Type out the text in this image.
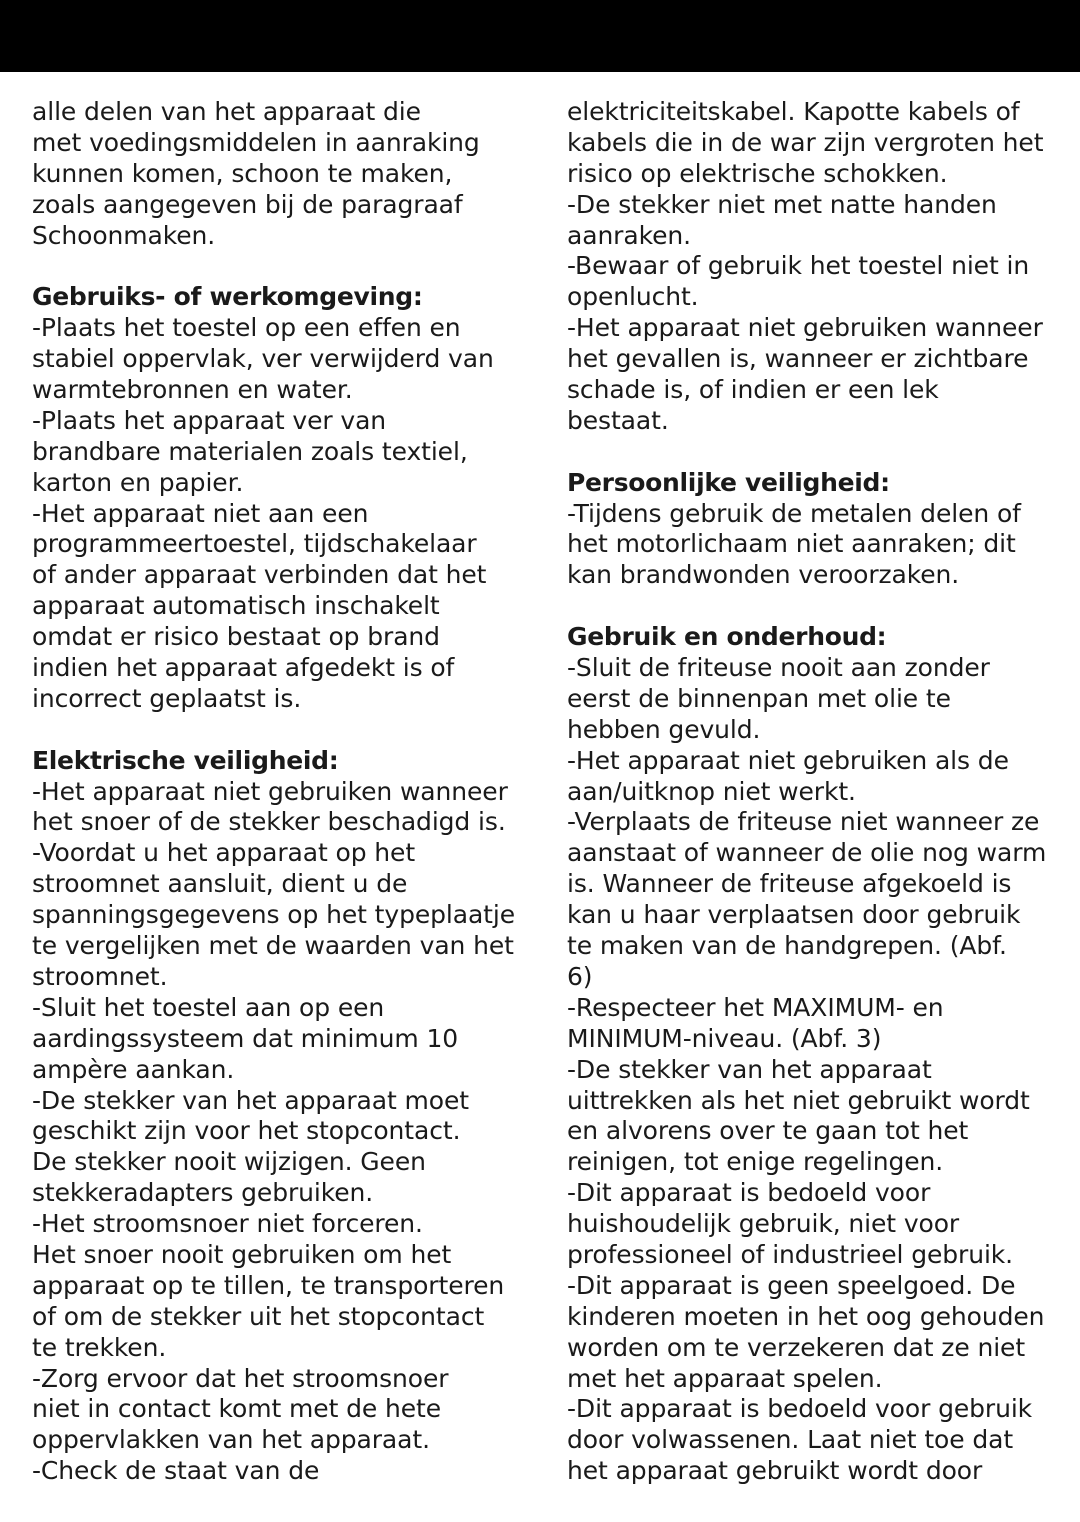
alle delen van het apparaat die
met voedingsmiddelen in aanraking
kunnen komen, schoon te maken,
zoals aangegeven bij de paragraaf
Schoonmaken.
Gebruiks- of werkomgeving:
-Plaats het toestel op een effen en
stabiel oppervlak, ver verwijderd van
warmtebronnen en water.
-Plaats het apparaat ver van
brandbare materialen zoals textiel,
karton en papier.
-Het apparaat niet aan een
programmeertoestel, tijdschakelaar
of ander apparaat verbinden dat het
apparaat automatisch inschakelt
omdat er risico bestaat op brand
indien het apparaat afgedekt is of
incorrect geplaatst is.
Elektrische veiligheid:
-Het apparaat niet gebruiken wanneer
het snoer of de stekker beschadigd is.
-Voordat u het apparaat op het
stroomnet aansluit, dient u de
spanningsgegevens op het typeplaatje
te vergelijken met de waarden van het
stroomnet.
-Sluit het toestel aan op een
aardingssysteem dat minimum 10
ampère aankan.
-De stekker van het apparaat moet
geschikt zijn voor het stopcontact.
De stekker nooit wijzigen. Geen
stekkeradapters gebruiken.
-Het stroomsnoer niet forceren.
Het snoer nooit gebruiken om het
apparaat op te tillen, te transporteren
of om de stekker uit het stopcontact
te trekken.
-Zorg ervoor dat het stroomsnoer
niet in contact komt met de hete
oppervlakken van het apparaat.
-Check de staat van de
elektriciteitskabel. Kapotte kabels of
kabels die in de war zijn vergroten het
risico op elektrische schokken.
-De stekker niet met natte handen
aanraken.
-Bewaar of gebruik het toestel niet in
openlucht.
-Het apparaat niet gebruiken wanneer
het gevallen is, wanneer er zichtbare
schade is, of indien er een lek
bestaat.
Persoonlijke veiligheid:
-Tijdens gebruik de metalen delen of
het motorlichaam niet aanraken; dit
kan brandwonden veroorzaken.
Gebruik en onderhoud:
-Sluit de friteuse nooit aan zonder
eerst de binnenpan met olie te
hebben gevuld.
-Het apparaat niet gebruiken als de
aan/uitknop niet werkt.
-Verplaats de friteuse niet wanneer ze
aanstaat of wanneer de olie nog warm
is. Wanneer de friteuse afgekoeld is
kan u haar verplaatsen door gebruik
te maken van de handgrepen. (Abf.
6)
-Respecteer het MAXIMUM- en
MINIMUM-niveau. (Abf. 3)
-De stekker van het apparaat
uittrekken als het niet gebruikt wordt
en alvorens over te gaan tot het
reinigen, tot enige regelingen.
-Dit apparaat is bedoeld voor
huishoudelijk gebruik, niet voor
professioneel of industrieel gebruik.
-Dit apparaat is geen speelgoed. De
kinderen moeten in het oog gehouden
worden om te verzekeren dat ze niet
met het apparaat spelen.
-Dit apparaat is bedoeld voor gebruik
door volwassenen. Laat niet toe dat
het apparaat gebruikt wordt door
